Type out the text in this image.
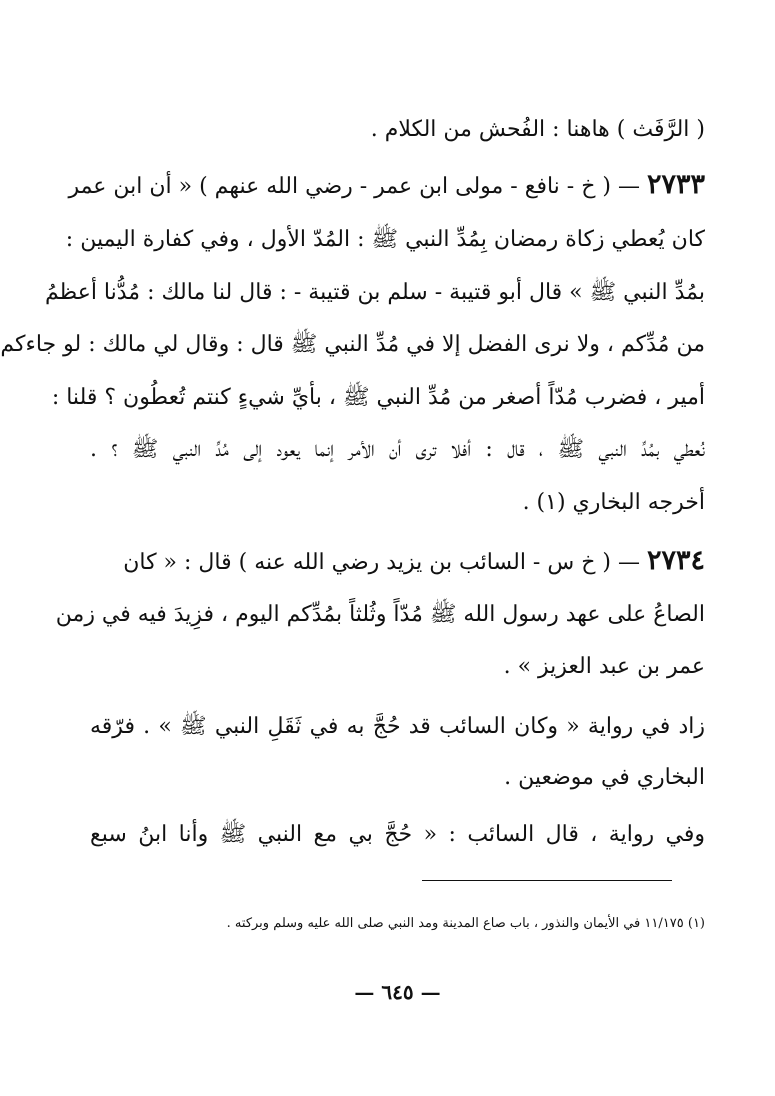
( الرَّفَث ) هاهنا : الفُحش من الكلام .
٢٧٣٣ — ( خ - نافع - مولى ابن عمر - رضي الله عنهم ) « أن ابن عمر
كان يُعطي زكاة رمضان بِمُدِّ النبي ﷺ : المُدّ الأول ، وفي كفارة اليمين :
بمُدِّ النبي ﷺ » قال أبو قتيبة - سلم بن قتيبة - : قال لنا مالك : مُدُّنا أعظمُ
من مُدِّكم ، ولا نرى الفضل إلا في مُدِّ النبي ﷺ قال : وقال لي مالك : لو جاءكم
أمير ، فضرب مُدّاً أصغر من مُدِّ النبي ﷺ ، بأيِّ شيءٍ كنتم تُعطُون ؟ قلنا :
نُعطي بمُدِّ النبي ﷺ ، قال : أفلا ترى أن الأمر إنما يعود إلى مُدِّ النبي ﷺ ؟ .
أخرجه البخاري (١) .
٢٧٣٤ — ( خ س - السائب بن يزيد رضي الله عنه ) قال : « كان
الصاعُ على عهد رسول الله ﷺ مُدّاً وثُلثاً بمُدِّكم اليوم ، فزِيدَ فيه في زمن
عمر بن عبد العزيز » .
زاد في رواية « وكان السائب قد حُجَّ به في ثَقَلِ النبي ﷺ » . فرّقه
البخاري في موضعين .
وفي رواية ، قال السائب : « حُجَّ بي مع النبي ﷺ وأنا ابنُ سبع
(١) ١١/١٧٥ في الأيمان والنذور ، باب صاع المدينة ومد النبي صلى الله عليه وسلم وبركته .
— ٦٤٥ —
